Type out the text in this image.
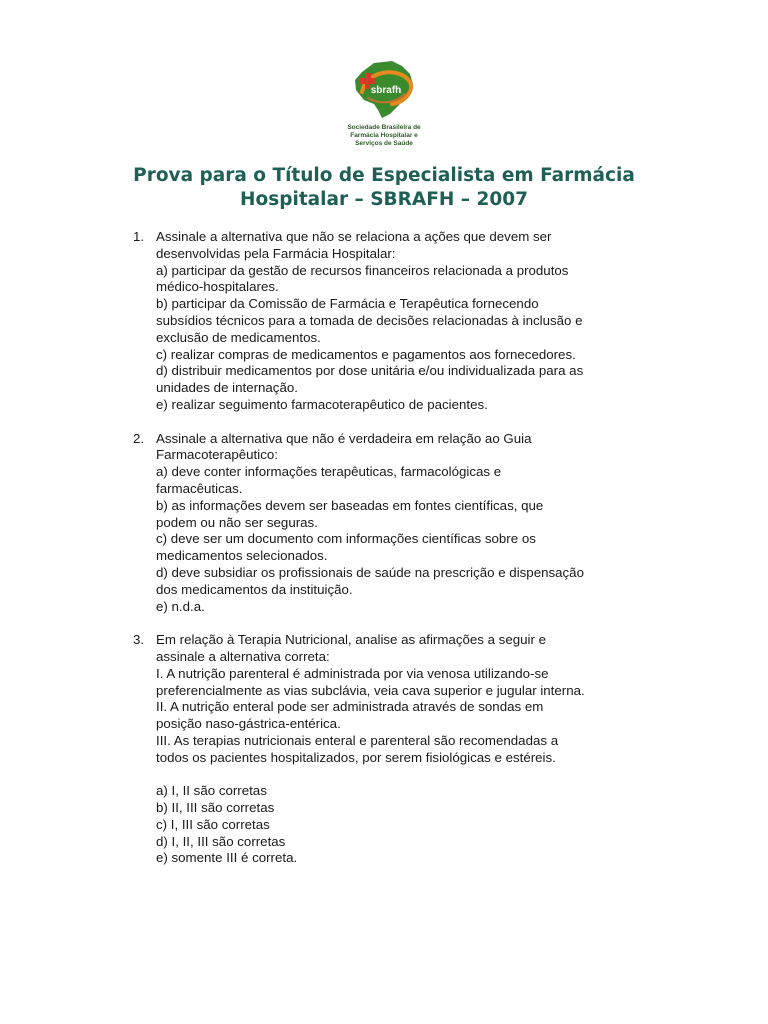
sbrafh
Sociedade Brasileira de
Farmácia Hospitalar e
Serviços de Saúde
Prova para o Título de Especialista em Farmácia
Hospitalar – SBRAFH – 2007
1. Assinale a alternativa que não se relaciona a ações que devem ser
desenvolvidas pela Farmácia Hospitalar:
a) participar da gestão de recursos financeiros relacionada a produtos
médico-hospitalares.
b) participar da Comissão de Farmácia e Terapêutica fornecendo
subsídios técnicos para a tomada de decisões relacionadas à inclusão e
exclusão de medicamentos.
c) realizar compras de medicamentos e pagamentos aos fornecedores.
d) distribuir medicamentos por dose unitária e/ou individualizada para as
unidades de internação.
e) realizar seguimento farmacoterapêutico de pacientes.
2. Assinale a alternativa que não é verdadeira em relação ao Guia
Farmacoterapêutico:
a) deve conter informações terapêuticas, farmacológicas e
farmacêuticas.
b) as informações devem ser baseadas em fontes científicas, que
podem ou não ser seguras.
c) deve ser um documento com informações científicas sobre os
medicamentos selecionados.
d) deve subsidiar os profissionais de saúde na prescrição e dispensação
dos medicamentos da instituição.
e) n.d.a.
3. Em relação à Terapia Nutricional, analise as afirmações a seguir e
assinale a alternativa correta:
I. A nutrição parenteral é administrada por via venosa utilizando-se
preferencialmente as vias subclávia, veia cava superior e jugular interna.
II. A nutrição enteral pode ser administrada através de sondas em
posição naso-gástrica-entérica.
III. As terapias nutricionais enteral e parenteral são recomendadas a
todos os pacientes hospitalizados, por serem fisiológicas e estéreis.
a) I, II são corretas
b) II, III são corretas
c) I, III são corretas
d) I, II, III são corretas
e) somente III é correta.
